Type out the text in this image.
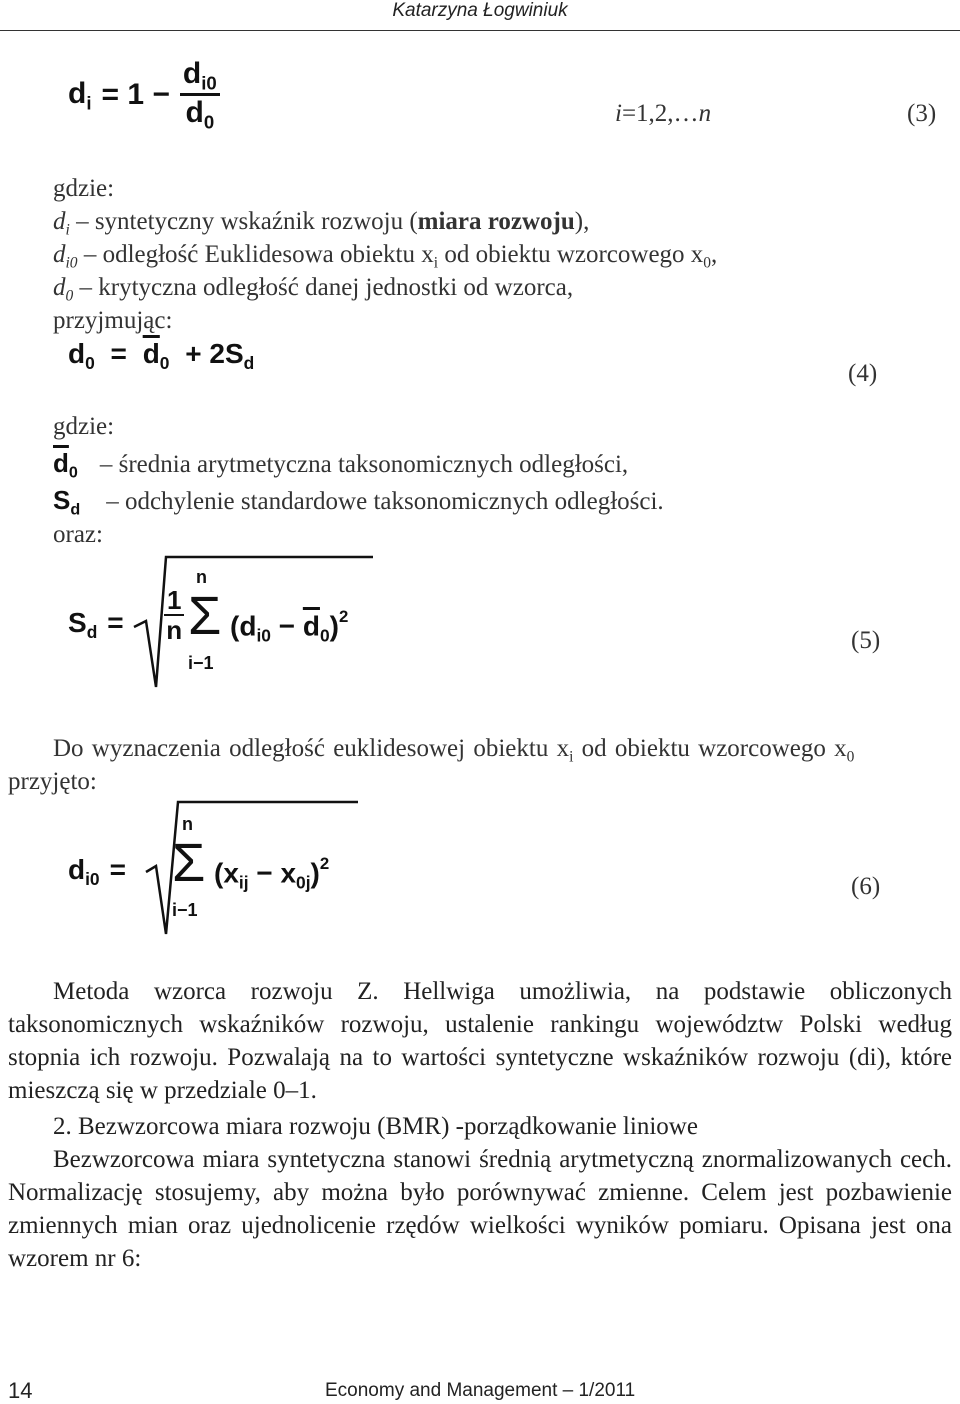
Katarzyna Łogwiniuk
$d_i = 1 - \frac{d_{i0}}{d_0}$	i=1,2,…n	(3)
gdzie:
$d_i$ – syntetyczny wskaźnik rozwoju (miara rozwoju),
$d_{i0}$ – odległość Euklidesowa obiektu $x_i$ od obiektu wzorcowego $x_0$,
$d_0$ – krytyczna odległość danej jednostki od wzorca,
przyjmując:
$d_0 = \overline{d}_0 + 2S_d$	(4)
gdzie:
$\overline{d}_0$ – średnia arytmetyczna taksonomicznych odległości,
$S_d$ – odchylenie standardowe taksonomicznych odległości.
oraz:
$S_d = \frac{1}{n}$
n
Σ
i−1
$(d_{i0} - \overline{d}_0)^2$
(5)
Do wyznaczenia odległość euklidesowej obiektu $x_i$ od obiektu wzorcowego $x_0$
przyjęto:
$d_{i0}$ =
n
Σ
i−1
$(x_{ij} - x_{0j})^2$
(6)
Metoda wzorca rozwoju Z. Hellwiga umożliwia, na podstawie obliczonych taksonomicznych wskaźników rozwoju, ustalenie rankingu województw Polski według stopnia ich rozwoju. Pozwalają na to wartości syntetyczne wskaźników rozwoju (di), które mieszczą się w przedziale 0–1.
2. Bezwzorcowa miara rozwoju (BMR) -porządkowanie liniowe
Bezwzorcowa miara syntetyczna stanowi średnią arytmetyczną znormalizowanych cech. Normalizację stosujemy, aby można było porównywać zmienne. Celem jest pozbawienie zmiennych mian oraz ujednolicenie rzędów wielkości wyników pomiaru. Opisana jest ona wzorem nr 6:
14	Economy and Management – 1/2011
